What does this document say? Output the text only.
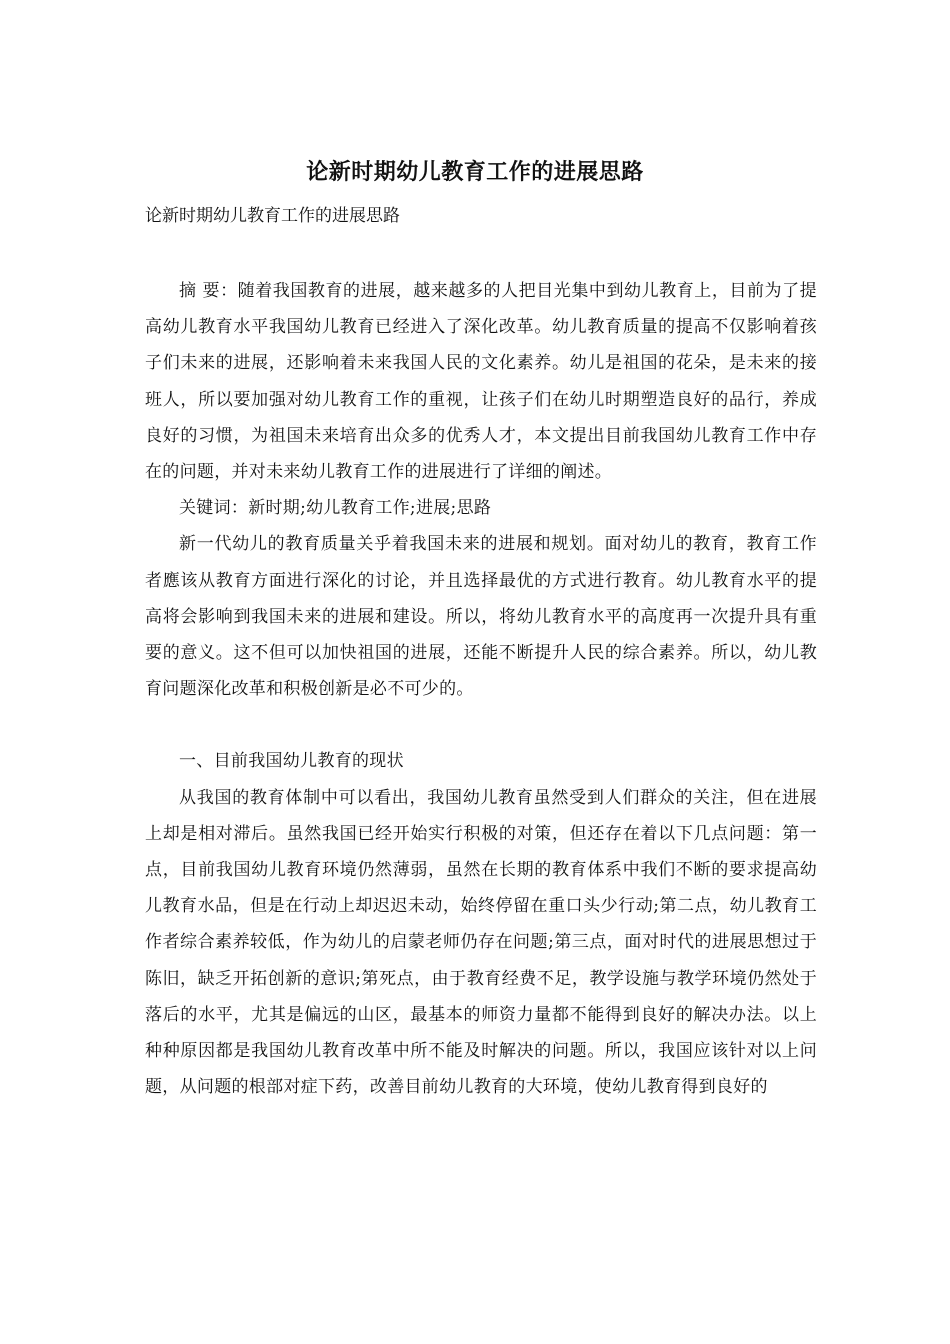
论新时期幼儿教育工作的进展思路
论新时期幼儿教育工作的进展思路

摘 要：随着我国教育的进展，越来越多的人把目光集中到幼儿教育上，目前为了提高幼儿教育水平我国幼儿教育已经进入了深化改革。幼儿教育质量的提高不仅影响着孩子们未来的进展，还影响着未来我国人民的文化素养。幼儿是祖国的花朵，是未来的接班人，所以要加强对幼儿教育工作的重视，让孩子们在幼儿时期塑造良好的品行，养成良好的习惯，为祖国未来培育出众多的优秀人才，本文提出目前我国幼儿教育工作中存在的问题，并对未来幼儿教育工作的进展进行了详细的阐述。

关键词：新时期;幼儿教育工作;进展;思路

新一代幼儿的教育质量关乎着我国未来的进展和规划。面对幼儿的教育，教育工作者應该从教育方面进行深化的讨论，并且选择最优的方式进行教育。幼儿教育水平的提高将会影响到我国未来的进展和建设。所以，将幼儿教育水平的高度再一次提升具有重要的意义。这不但可以加快祖国的进展，还能不断提升人民的综合素养。所以，幼儿教育问题深化改革和积极创新是必不可少的。

一、目前我国幼儿教育的现状

从我国的教育体制中可以看出，我国幼儿教育虽然受到人们群众的关注，但在进展上却是相对滞后。虽然我国已经开始实行积极的对策，但还存在着以下几点问题：第一点，目前我国幼儿教育环境仍然薄弱，虽然在长期的教育体系中我们不断的要求提高幼儿教育水品，但是在行动上却迟迟未动，始终停留在重口头少行动;第二点，幼儿教育工作者综合素养较低，作为幼儿的启蒙老师仍存在问题;第三点，面对时代的进展思想过于陈旧，缺乏开拓创新的意识;第死点，由于教育经费不足，教学设施与教学环境仍然处于落后的水平，尤其是偏远的山区，最基本的师资力量都不能得到良好的解决办法。以上种种原因都是我国幼儿教育改革中所不能及时解决的问题。所以，我国应该针对以上问题，从问题的根部对症下药，改善目前幼儿教育的大环境，使幼儿教育得到良好的
